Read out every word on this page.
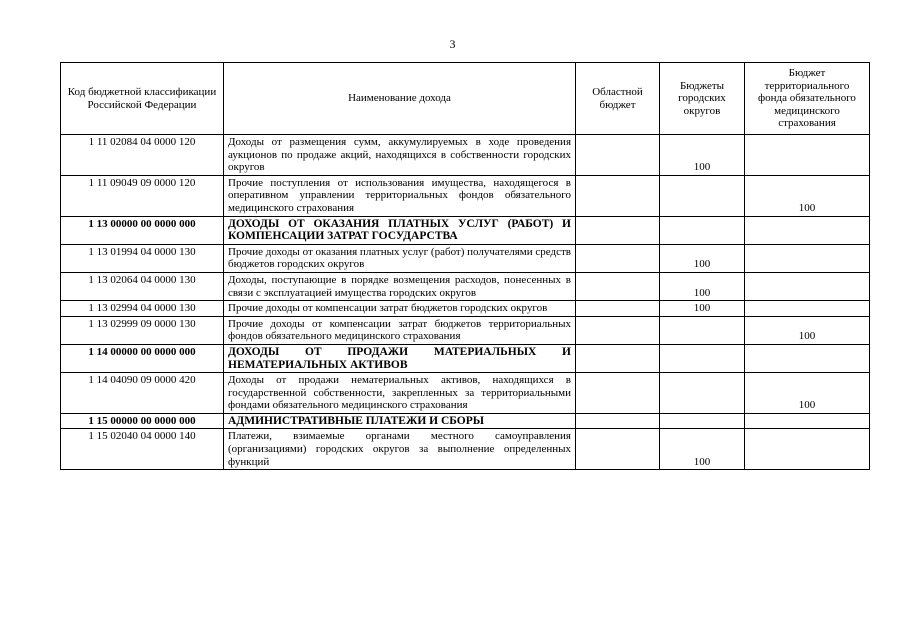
3
Код бюджетной классификации Российской Федерации	Наименование дохода	Областной бюджет	Бюджеты городских округов	Бюджет территориального фонда обязательного медицинского страхования
1 11 02084 04 0000 120	Доходы от размещения сумм, аккумулируемых в ходе проведения аукционов по продаже акций, находящихся в собственности городских округов		100	
1 11 09049 09 0000 120	Прочие поступления от использования имущества, находящегося в оперативном управлении территориальных фондов обязательного медицинского страхования			100
1 13 00000 00 0000 000	ДОХОДЫ ОТ ОКАЗАНИЯ ПЛАТНЫХ УСЛУГ (РАБОТ) И КОМПЕНСАЦИИ ЗАТРАТ ГОСУДАРСТВА			
1 13 01994 04 0000 130	Прочие доходы от оказания платных услуг (работ) получателями средств бюджетов городских округов		100	
1 13 02064 04 0000 130	Доходы, поступающие в порядке возмещения расходов, понесенных в связи с эксплуатацией имущества городских округов		100	
1 13 02994 04 0000 130	Прочие доходы от компенсации затрат бюджетов городских округов		100	
1 13 02999 09 0000 130	Прочие доходы от компенсации затрат бюджетов территориальных фондов обязательного медицинского страхования			100
1 14 00000 00 0000 000	ДОХОДЫ ОТ ПРОДАЖИ МАТЕРИАЛЬНЫХ И НЕМАТЕРИАЛЬНЫХ АКТИВОВ			
1 14 04090 09 0000 420	Доходы от продажи нематериальных активов, находящихся в государственной собственности, закрепленных за территориальными фондами обязательного медицинского страхования			100
1 15 00000 00 0000 000	АДМИНИСТРАТИВНЫЕ ПЛАТЕЖИ И СБОРЫ			
1 15 02040 04 0000 140	Платежи, взимаемые органами местного самоуправления (организациями) городских округов за выполнение определенных функций		100	
